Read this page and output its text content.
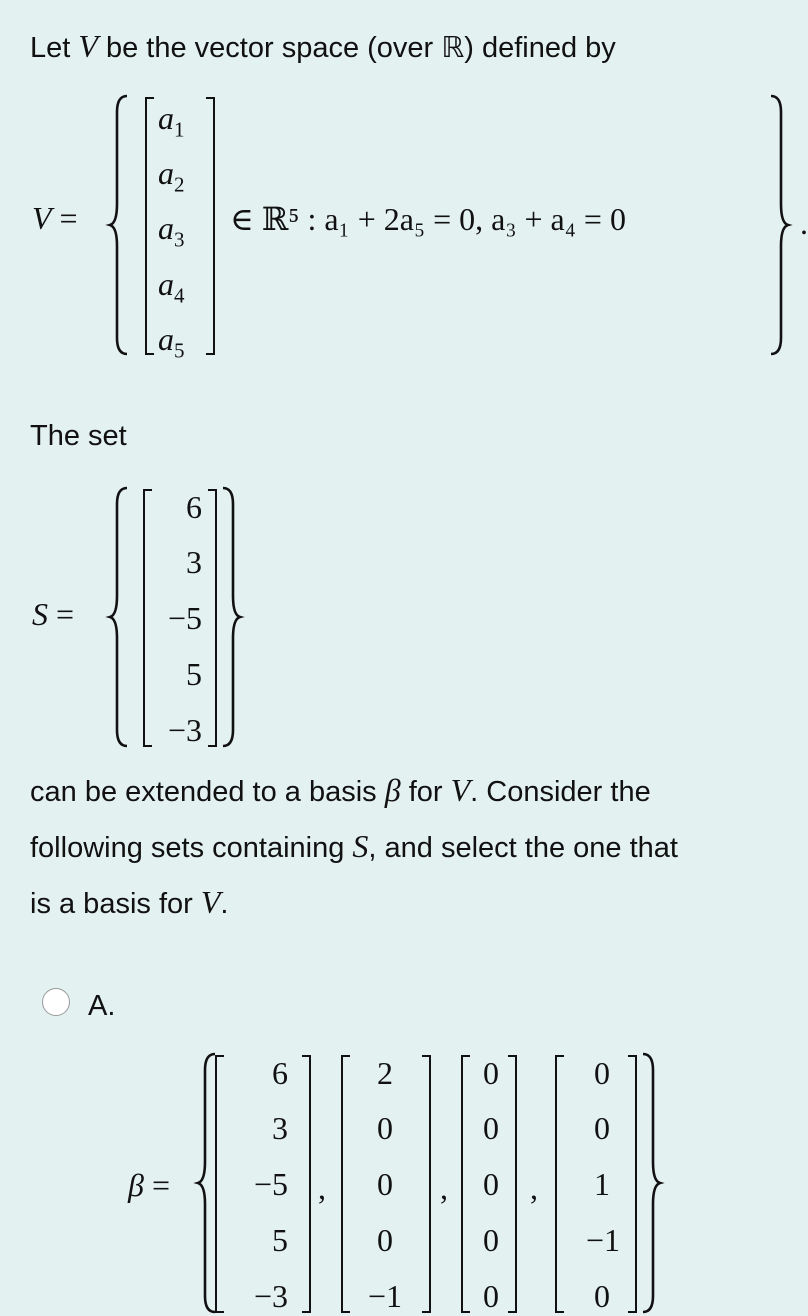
Let V be the vector space (over ℝ) defined by
V =
$a_1$
$a_2$
$a_3$
$a_4$
$a_5$
∈ ℝ⁵ : a₁ + 2a₅ = 0, a₃ + a₄ = 0	.
The set
S =
6
3
−5
5
−3
can be extended to a basis β for V. Consider the
following sets containing S, and select the one that
is a basis for V.
A.
β =
6
3
−5
5
−3
,
2
0
0
0
−1
,
0
0
0
0
0
,
0
0
1
−1
0
